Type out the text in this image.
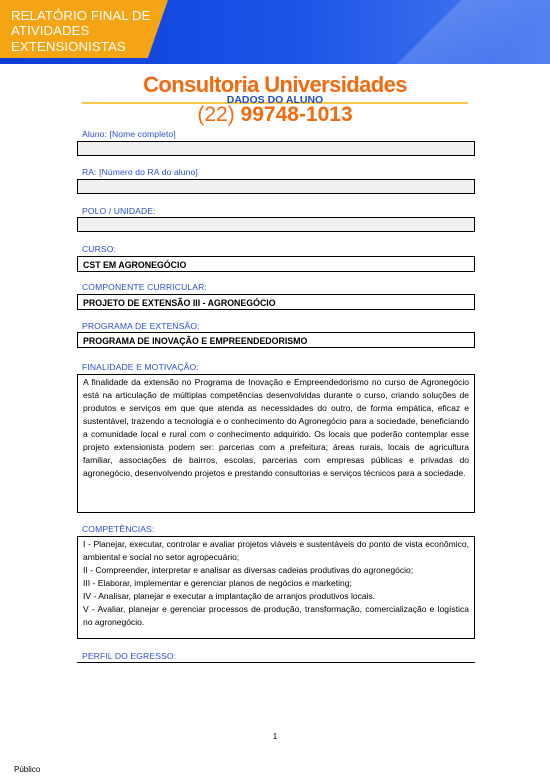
RELATÓRIO FINAL DE
ATIVIDADES
EXTENSIONISTAS
Consultoria Universidades
(22) 99748-1013
DADOS DO ALUNO
Aluno: [Nome completo]
RA: [Número do RA do aluno]
POLO / UNIDADE:
CURSO:
CST EM AGRONEGÓCIO
COMPONENTE CURRICULAR:
PROJETO DE EXTENSÃO III - AGRONEGÓCIO
PROGRAMA DE EXTENSÃO:
PROGRAMA DE INOVAÇÃO E EMPREENDEDORISMO
FINALIDADE E MOTIVAÇÃO:
A finalidade da extensão no Programa de Inovação e Empreendedorismo no curso de Agronegócio está na articulação de múltiplas competências desenvolvidas durante o curso, criando soluções de produtos e serviços em que que atenda as necessidades do outro, de forma empática, eficaz e sustentável, trazendo a tecnologia e o conhecimento do Agronegócio para a sociedade, beneficiando a comunidade local e rural com o conhecimento adquirido. Os locais que poderão contemplar esse projeto extensionista podem ser: parcerias com a prefeitura; áreas rurais, locais de agricultura familiar, associações de bairros, escolas, parcerias com empresas públicas e privadas do agronegócio, desenvolvendo projetos e prestando consultorias e serviços técnicos para a sociedade.
COMPETÊNCIAS:
I - Planejar, executar, controlar e avaliar projetos viáveis e sustentáveis do ponto de vista econômico, ambiental e social no setor agropecuário;
II - Compreender, interpretar e analisar as diversas cadeias produtivas do agronegócio;
III - Elaborar, implementar e gerenciar planos de negócios e marketing;
IV - Analisar, planejar e executar a implantação de arranjos produtivos locais.
V - Avaliar, planejar e gerenciar processos de produção, transformação, comercialização e logística no agronegócio.
PERFIL DO EGRESSO:
1
Público
